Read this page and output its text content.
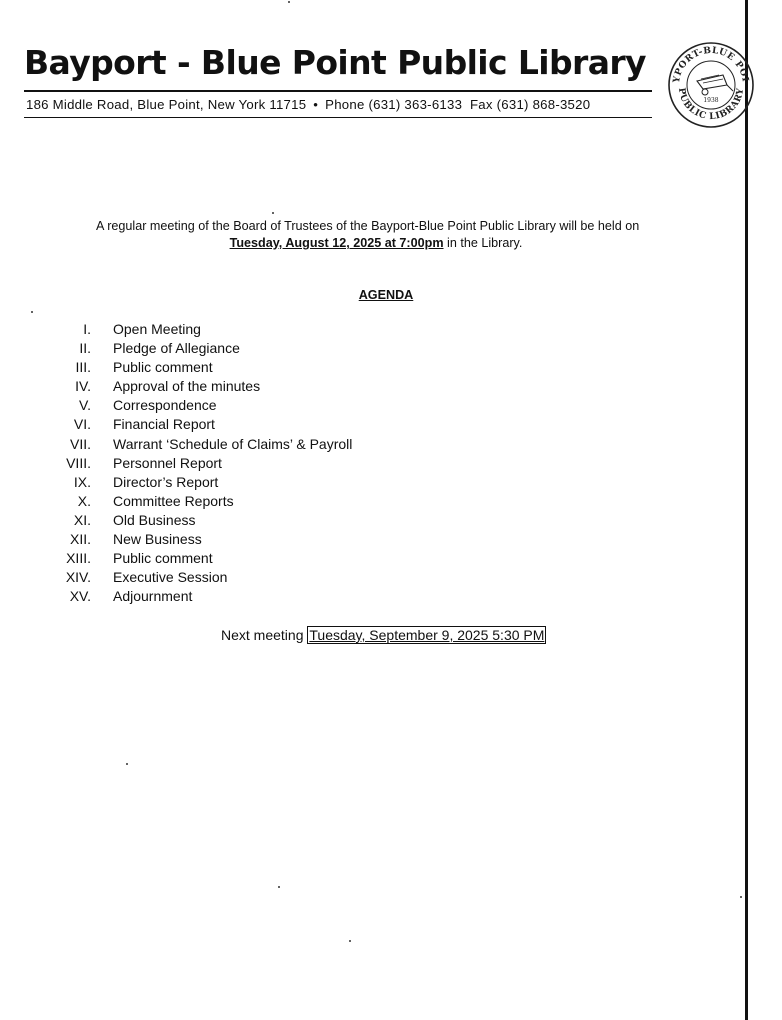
Bayport - Blue Point Public Library
186 Middle Road, Blue Point, New York 11715 • Phone (631) 363-6133 Fax (631) 868-3520
YPORT-BLUE POI
PUBLIC LIBRARY
1938
A regular meeting of the Board of Trustees of the Bayport-Blue Point Public Library will be held on
Tuesday, August 12, 2025 at 7:00pm in the Library.
AGENDA
I. Open Meeting
II. Pledge of Allegiance
III. Public comment
IV. Approval of the minutes
V. Correspondence
VI. Financial Report
VII. Warrant ‘Schedule of Claims’ & Payroll
VIII. Personnel Report
IX. Director’s Report
X. Committee Reports
XI. Old Business
XII. New Business
XIII. Public comment
XIV. Executive Session
XV. Adjournment
Next meeting Tuesday, September 9, 2025 5:30 PM
